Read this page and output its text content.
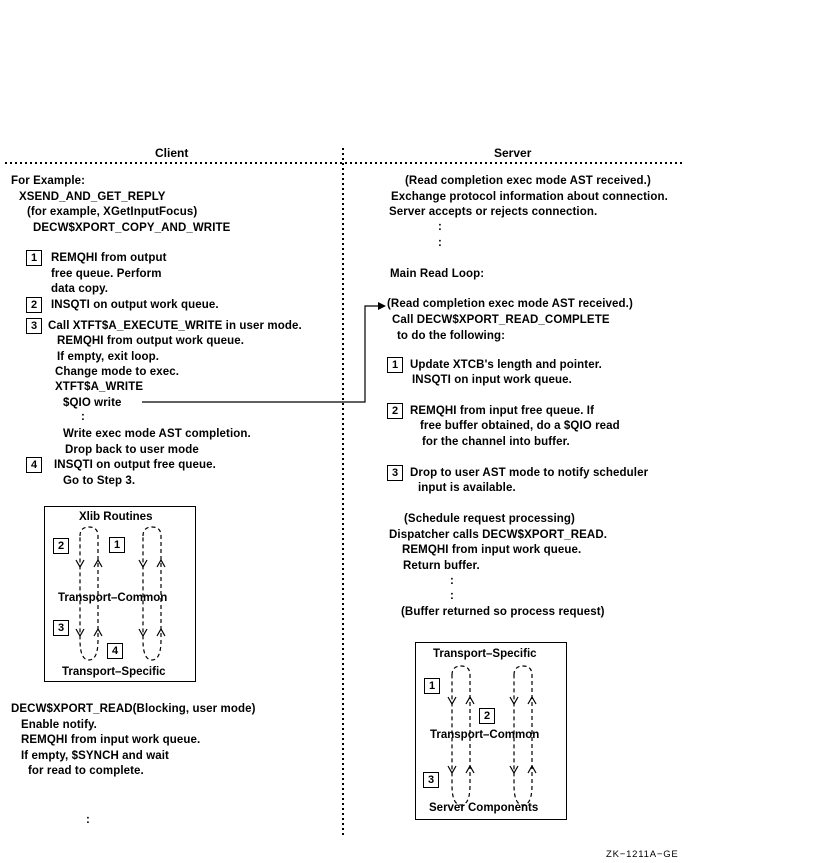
Client	Server
For Example:
XSEND_AND_GET_REPLY
(for example, XGetInputFocus)
DECW$XPORT_COPY_AND_WRITE
1	REMQHI from output
free queue. Perform
data copy.
2	INSQTI on output work queue.
3 Call XTFT$A_EXECUTE_WRITE in user mode.
REMQHI from output work queue.
If empty, exit loop.
Change mode to exec.
XTFT$A_WRITE
$QIO write
:
Write exec mode AST completion.
Drop back to user mode
4	INSQTI on output free queue.
Go to Step 3.
Xlib Routines
2	1
Transport–Common
3
4
Transport–Specific
DECW$XPORT_READ(Blocking, user mode)
Enable notify.
REMQHI from input work queue.
If empty, $SYNCH and wait
for read to complete.
:
(Read completion exec mode AST received.)
Exchange protocol information about connection.
Server accepts or rejects connection.
:
:
Main Read Loop:
(Read completion exec mode AST received.)
Call DECW$XPORT_READ_COMPLETE
to do the following:
1	Update XTCB's length and pointer.
INSQTI on input work queue.
2	REMQHI from input free queue. If
free buffer obtained, do a $QIO read
for the channel into buffer.
3	Drop to user AST mode to notify scheduler
input is available.
(Schedule request processing)
Dispatcher calls DECW$XPORT_READ.
REMQHI from input work queue.
Return buffer.
:
:
(Buffer returned so process request)
Transport–Specific
1
2
Transport–Common
3
Server Components
ZK−1211A−GE
